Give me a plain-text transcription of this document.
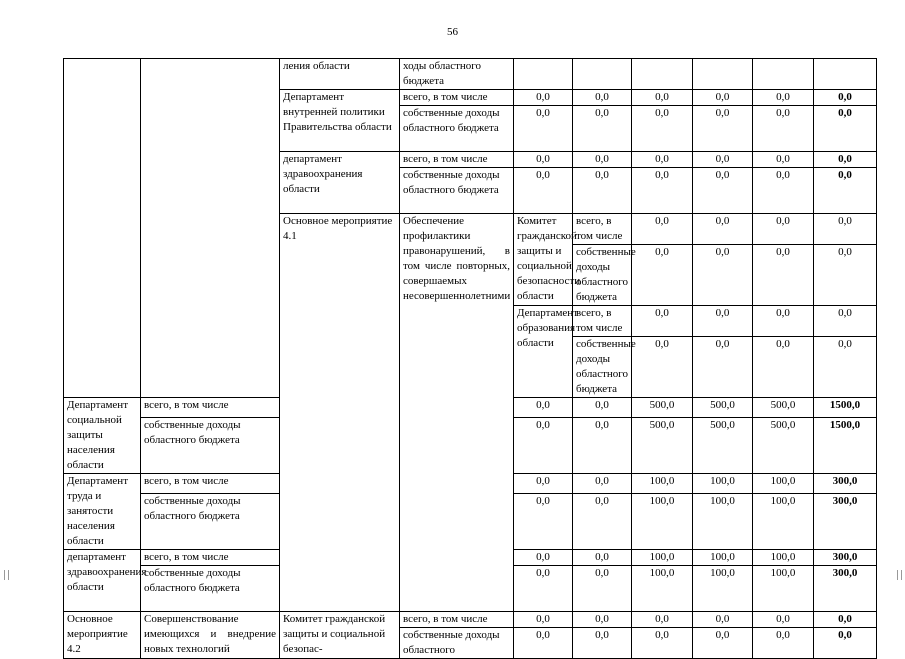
56
		ления области	ходы областного бюджета							
		Департамент внутренней политики Правительства области	всего, в том числе	0,0	0,0	0,0	0,0	0,0	0,0	
			собственные доходы областного бюджета	0,0	0,0	0,0	0,0	0,0	0,0	
		департамент здравоохранения области	всего, в том числе	0,0	0,0	0,0	0,0	0,0	0,0	
			собственные доходы областного бюджета	0,0	0,0	0,0	0,0	0,0	0,0	
		Основное мероприятие 4.1	Обеспечение профилактики правонарушений, в том числе повторных, совершаемых несовершеннолетними	Комитет гражданской защиты и социальной безопасности области	всего, в том числе	0,0	0,0	0,0	0,0		
					собственные доходы областного бюджета	0,0	0,0	0,0	0,0		
				Департамент образования области	всего, в том числе	0,0	0,0	0,0	0,0		
					собственные доходы областного бюджета	0,0	0,0	0,0	0,0		
Департамент социальной защиты населения области	всего, в том числе			0,0	0,0	500,0	500,0	500,0	1500,0	
	собственные доходы областного бюджета			0,0	0,0	500,0	500,0	500,0	1500,0	
Департамент труда и занятости населения области	всего, в том числе			0,0	0,0	100,0	100,0	100,0	300,0	
	собственные доходы областного бюджета			0,0	0,0	100,0	100,0	100,0	300,0	
департамент здравоохранения области	всего, в том числе			0,0	0,0	100,0	100,0	100,0	300,0	
	собственные доходы областного бюджета			0,0	0,0	100,0	100,0	100,0	300,0	
Основное мероприятие 4.2	Совершенствование имеющихся и внедрение новых технологий	Комитет гражданской защиты и социальной безопас-	всего, в том числе	0,0	0,0	0,0	0,0	0,0	0,0	
			собственные доходы областного	0,0	0,0	0,0	0,0	0,0	0,0	
